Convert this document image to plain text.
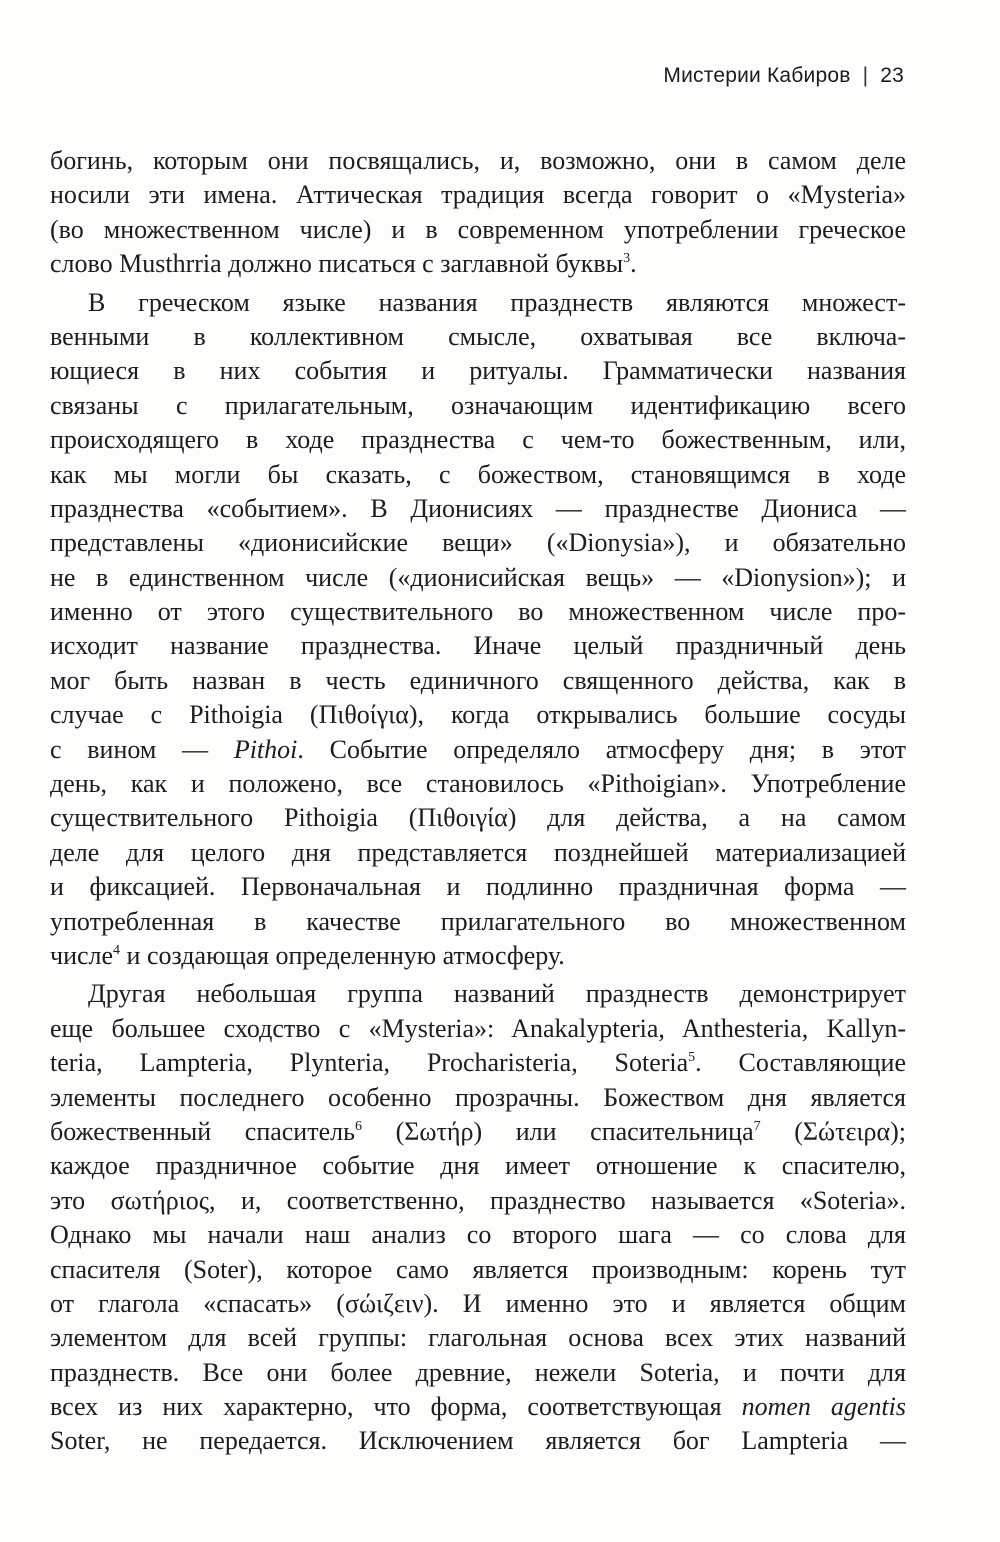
Мистерии Кабиров | 23
богинь, которым они посвящались, и, возможно, они в самом деле
носили эти имена. Аттическая традиция всегда говорит о «Mysteria»
(во множественном числе) и в современном употреблении греческое
слово Musthrria должно писаться с заглавной буквы$^3$.
В греческом языке названия празднеств являются множест-
венными в коллективном смысле, охватывая все включа-
ющиеся в них события и ритуалы. Грамматически названия
связаны с прилагательным, означающим идентификацию всего
происходящего в ходе празднества с чем-то божественным, или,
как мы могли бы сказать, с божеством, становящимся в ходе
празднества «событием». В Дионисиях — празднестве Диониса —
представлены «дионисийские вещи» («Dionysia»), и обязательно
не в единственном числе («дионисийская вещь» — «Dionysion»); и
именно от этого существительного во множественном числе про-
исходит название празднества. Иначе целый праздничный день
мог быть назван в честь единичного священного действа, как в
случае с Pithoigia (Πιθοίγια), когда открывались большие сосуды
с вином — Pithoi. Событие определяло атмосферу дня; в этот
день, как и положено, все становилось «Pithoigian». Употребление
существительного Pithoigia (Πιθοιγία) для действа, а на самом
деле для целого дня представляется позднейшей материализацией
и фиксацией. Первоначальная и подлинно праздничная форма —
употребленная в качестве прилагательного во множественном
числе$^4$ и создающая определенную атмосферу.
Другая небольшая группа названий празднеств демонстрирует
еще большее сходство с «Mysteria»: Anakalypteria, Anthesteria, Kallyn-
teria, Lampteria, Plynteria, Procharisteria, Soteria$^5$. Составляющие
элементы последнего особенно прозрачны. Божеством дня является
божественный спаситель$^6$ (Σωτήρ) или спасительница$^7$ (Σώτειρα);
каждое праздничное событие дня имеет отношение к спасителю,
это σωτήριος, и, соответственно, празднество называется «Soteria».
Однако мы начали наш анализ со второго шага — со слова для
спасителя (Soter), которое само является производным: корень тут
от глагола «спасать» (σώιζειν). И именно это и является общим
элементом для всей группы: глагольная основа всех этих названий
празднеств. Все они более древние, нежели Soteria, и почти для
всех из них характерно, что форма, соответствующая nomen agentis
Soter, не передается. Исключением является бог Lampteria —
